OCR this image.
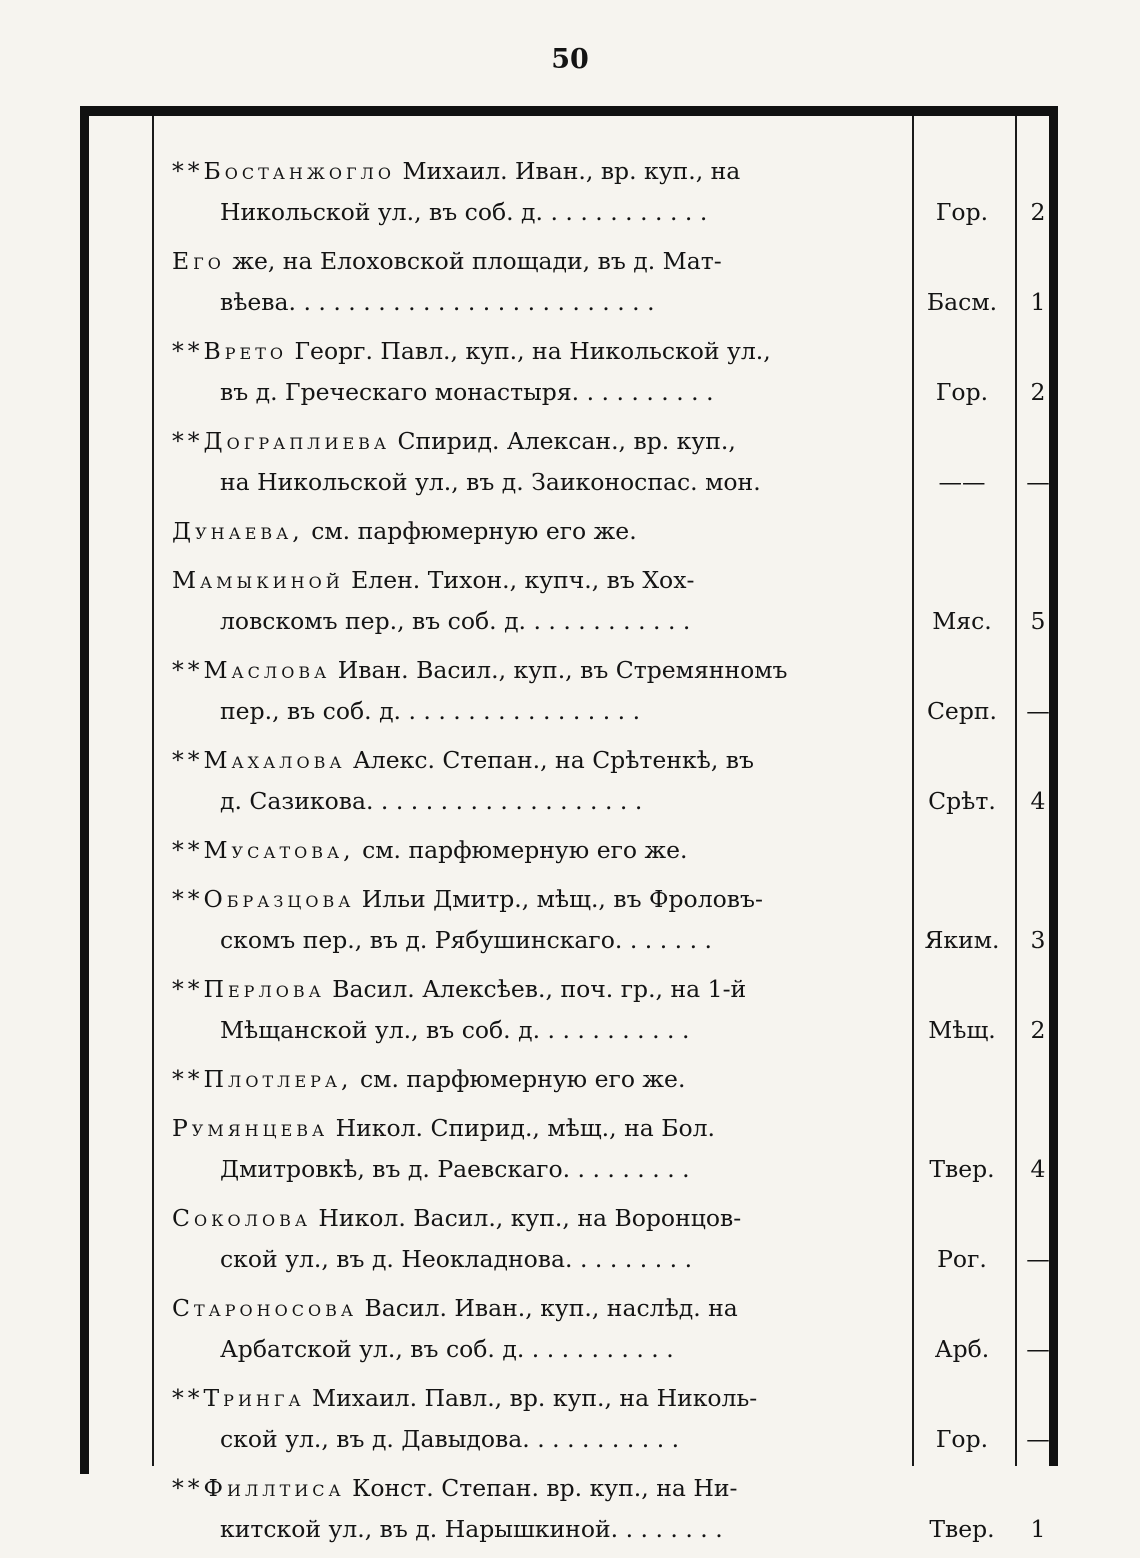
50
**Бостанжогло Михаил. Иван., вр. куп., на
Никольской ул., въ соб. д. . . . . . . . . . . .	Гор.	2
Его же, на Елоховской площади, въ д. Мат-
вѣева. . . . . . . . . . . . . . . . . . . . . . . . .	Басм.	1
**Врето Георг. Павл., куп., на Никольской ул.,
въ д. Греческаго монастыря. . . . . . . . . .	Гор.	2
**Дограплиева Спирид. Алексан., вр. куп.,
на Никольской ул., въ д. Заиконоспас. мон.	——	—
Дунаева, см. парфюмерную его же.
Мамыкиной Елен. Тихон., купч., въ Хох-
ловскомъ пер., въ соб. д. . . . . . . . . . . .	Мяс.	5
**Маслова Иван. Васил., куп., въ Стремянномъ
пер., въ соб. д. . . . . . . . . . . . . . . . .	Серп.	—
**Махалова Алекс. Степан., на Срѣтенкѣ, въ
д. Сазикова. . . . . . . . . . . . . . . . . . .	Срѣт.	4
**Мусатова, см. парфюмерную его же.
**Образцова Ильи Дмитр., мѣщ., въ Фроловъ-
скомъ пер., въ д. Рябушинскаго. . . . . . .	Яким.	3
**Перлова Васил. Алексѣев., поч. гр., на 1-й
Мѣщанской ул., въ соб. д. . . . . . . . . . .	Мѣщ.	2
**Плотлера, см. парфюмерную его же.
Румянцева Никол. Спирид., мѣщ., на Бол.
Дмитровкѣ, въ д. Раевскаго. . . . . . . . .	Твер.	4
Соколова Никол. Васил., куп., на Воронцов-
ской ул., въ д. Неокладнова. . . . . . . . .	Рог.	—
Староносова Васил. Иван., куп., наслѣд. на
Арбатской ул., въ соб. д. . . . . . . . . . .	Арб.	—
**Тринга Михаил. Павл., вр. куп., на Николь-
ской ул., въ д. Давыдова. . . . . . . . . . .	Гор.	—
**Филлтиса Конст. Степан. вр. куп., на Ни-
китской ул., въ д. Нарышкиной. . . . . . . .	Твер.	1
